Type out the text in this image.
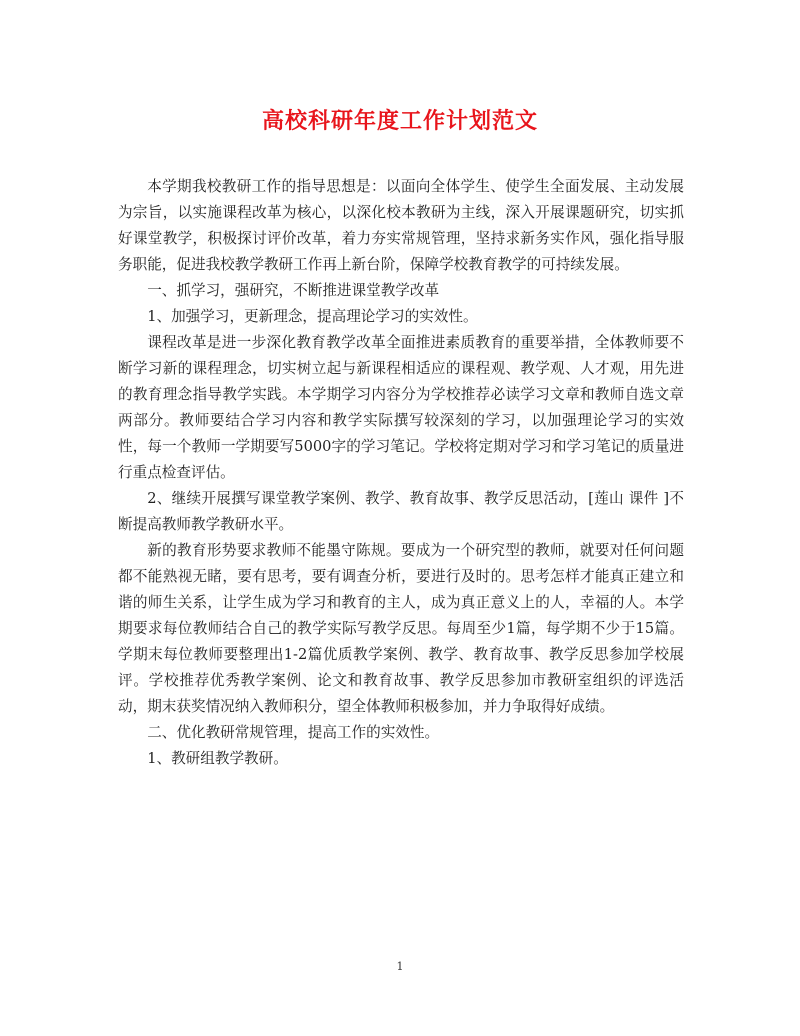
高校科研年度工作计划范文

本学期我校教研工作的指导思想是：以面向全体学生、使学生全面发展、主动发展为宗旨，以实施课程改革为核心，以深化校本教研为主线，深入开展课题研究，切实抓好课堂教学，积极探讨评价改革，着力夯实常规管理，坚持求新务实作风，强化指导服务职能，促进我校教学教研工作再上新台阶，保障学校教育教学的可持续发展。

一、抓学习，强研究，不断推进课堂教学改革

1、加强学习，更新理念，提高理论学习的实效性。

课程改革是进一步深化教育教学改革全面推进素质教育的重要举措，全体教师要不断学习新的课程理念，切实树立起与新课程相适应的课程观、教学观、人才观，用先进的教育理念指导教学实践。本学期学习内容分为学校推荐必读学习文章和教师自选文章两部分。教师要结合学习内容和教学实际撰写较深刻的学习，以加强理论学习的实效性，每一个教师一学期要写5000字的学习笔记。学校将定期对学习和学习笔记的质量进行重点检查评估。

2、继续开展撰写课堂教学案例、教学、教育故事、教学反思活动，[莲山 课件 ]不断提高教师教学教研水平。

新的教育形势要求教师不能墨守陈规。要成为一个研究型的教师，就要对任何问题都不能熟视无睹，要有思考，要有调查分析，要进行及时的。思考怎样才能真正建立和谐的师生关系，让学生成为学习和教育的主人，成为真正意义上的人，幸福的人。本学期要求每位教师结合自己的教学实际写教学反思。每周至少1篇，每学期不少于15篇。学期末每位教师要整理出1-2篇优质教学案例、教学、教育故事、教学反思参加学校展评。学校推荐优秀教学案例、论文和教育故事、教学反思参加市教研室组织的评选活动，期末获奖情况纳入教师积分，望全体教师积极参加，并力争取得好成绩。

二、优化教研常规管理，提高工作的实效性。

1、教研组教学教研。

1
